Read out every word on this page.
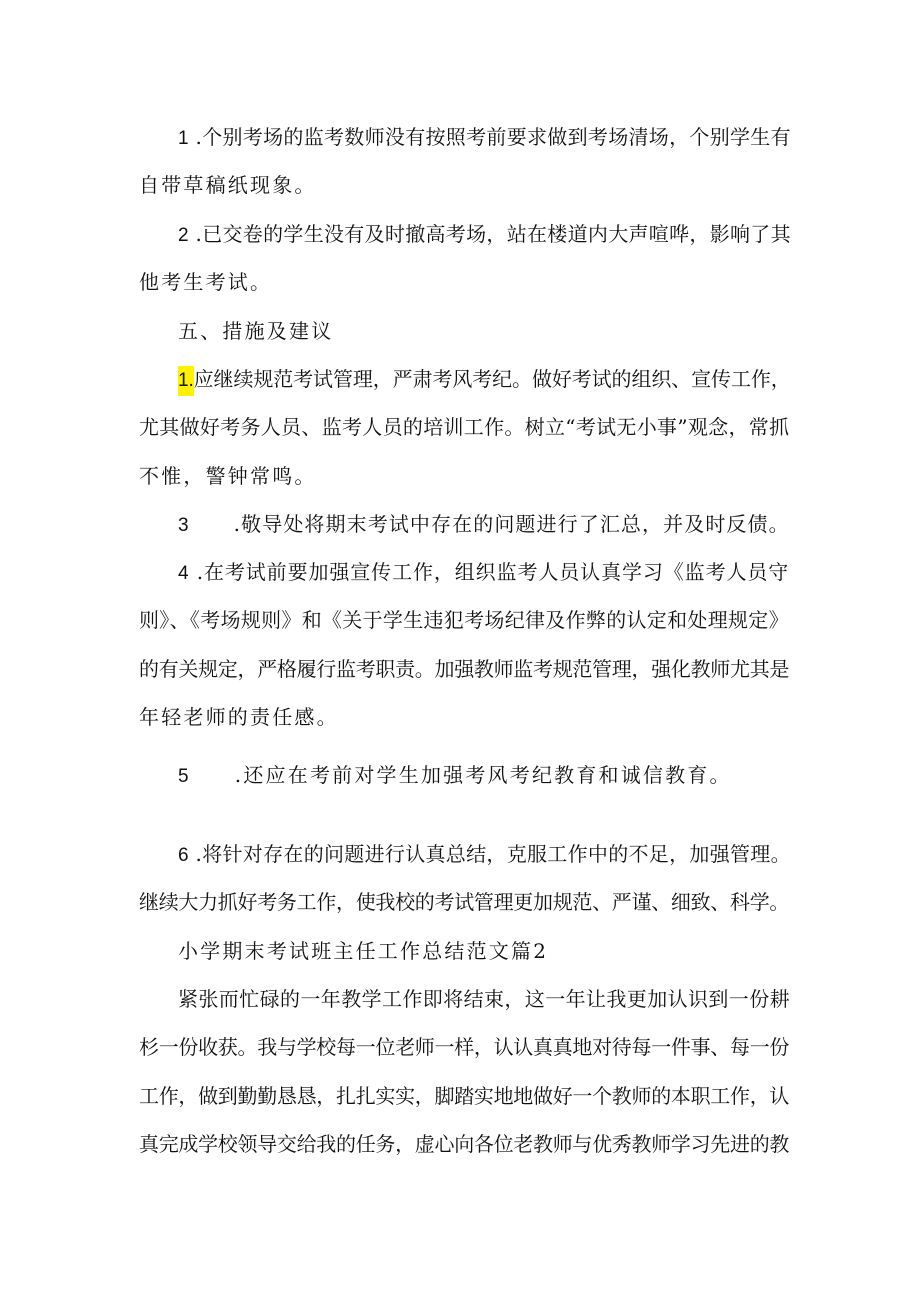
1 .个别考场的监考数师没有按照考前要求做到考场清场，个别学生有
自带草稿纸现象。
2 .已交卷的学生没有及时撤高考场，站在楼道内大声喧哗，影响了其
他考生考试。
五、措施及建议
1.应继续规范考试管理，严肃考风考纪。做好考试的组织、宣传工作，
尤其做好考务人员、监考人员的培训工作。树立“考试无小事”观念，常抓
不惟，警钟常鸣。
3 .敬导处将期末考试中存在的问题进行了汇总，并及时反债。
4 .在考试前要加强宣传工作，组织监考人员认真学习《监考人员守
则》、《考场规则》和《关于学生违犯考场纪律及作弊的认定和处理规定》
的有关规定，严格履行监考职责。加强教师监考规范管理，强化教师尤其是
年轻老师的责任感。
5 .还应在考前对学生加强考风考纪教育和诚信教育。
6 .将针对存在的问题进行认真总结，克服工作中的不足，加强管理。
继续大力抓好考务工作，使我校的考试管理更加规范、严谨、细致、科学。
小学期末考试班主任工作总结范文篇2
紧张而忙碌的一年教学工作即将结束，这一年让我更加认识到一份耕
杉一份收获。我与学校每一位老师一样，认认真真地对待每一件事、每一份
工作，做到勤勤恳恳，扎扎实实，脚踏实地地做好一个教师的本职工作，认
真完成学校领导交给我的任务，虚心向各位老教师与优秀教师学习先进的教
